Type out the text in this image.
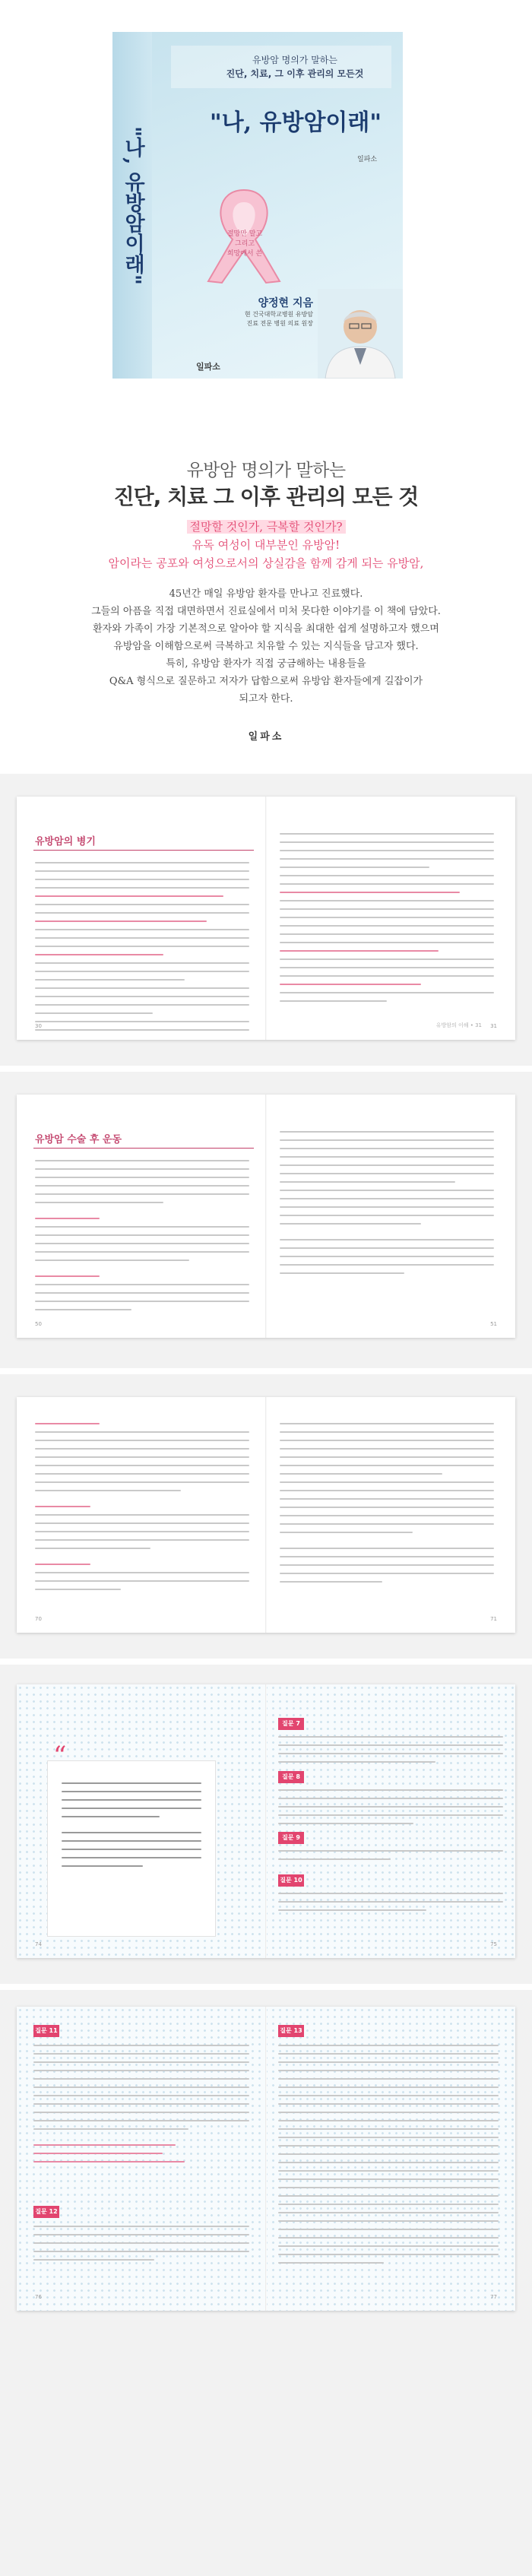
"나, 유방암이래"
유방암 명의가 말하는
진단, 치료, 그 이후 관리의 모든것
"나, 유방암이래"
일파소
절망만 말고
그리고
희망에서 쓴
양정현 지음
현 건국대학교병원 유방암
진료 전문 병원 의료 원장
일파소
유방암 명의가 말하는
진단, 치료 그 이후 관리의 모든 것
절망할 것인가, 극복할 것인가?
유독 여성이 대부분인 유방암!
암이라는 공포와 여성으로서의 상실감을 함께 감게 되는 유방암,
45년간 매일 유방암 환자를 만나고 진료했다.
그들의 아픔을 직접 대면하면서 진료실에서 미처 못다한 이야기를 이 책에 담았다.
환자와 가족이 가장 기본적으로 알아야 할 지식을 최대한 쉽게 설명하고자 했으며
유방암을 이해함으로써 극복하고 치유할 수 있는 지식들을 담고자 했다.
특히, 유방암 환자가 직접 궁금해하는 내용들을
Q&A 형식으로 질문하고 저자가 답함으로써 유방암 환자들에게 길잡이가
되고자 한다.
일파소
유방암의 병기
30	31
유방암의 이해 • 31
유방암 수술 후 운동
50	51
70	71
“
질문 7
질문 8
질문 9
질문 10
74	75
질문 11
질문 12
질문 13
76	77
